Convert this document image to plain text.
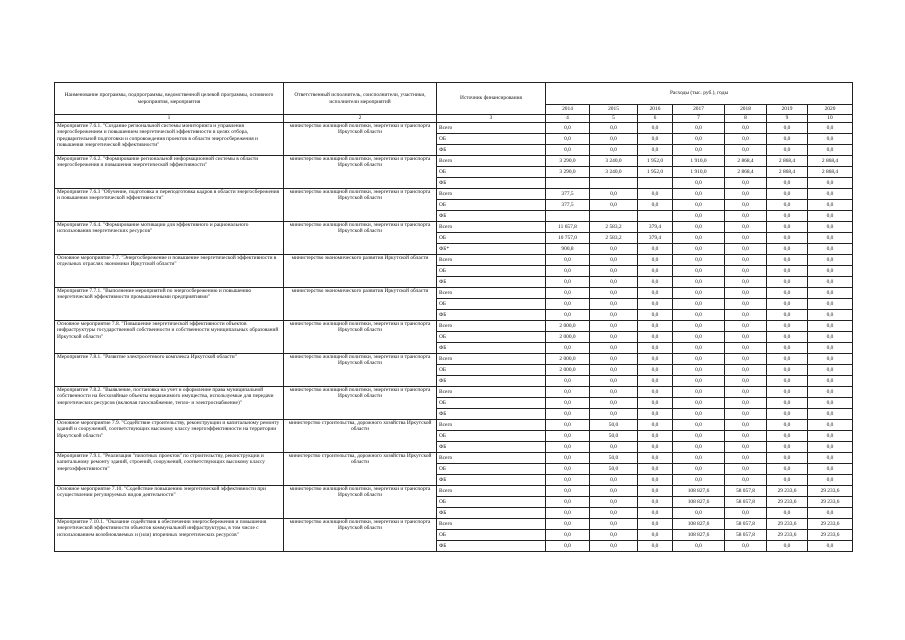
Наименование программы, подпрограммы, ведомственной целевой программы, основного мероприятия, мероприятия	Ответственный исполнитель, соисполнители, участники, исполнители мероприятий	Источник финансирования	Расходы (тыс. руб.), годы						
			2014	2015	2016	2017	2018	2019	2020
1	2	3	4	5	6	7	8	9	10
Мероприятие 7.6.1. "Создание региональной системы мониторинга и управления энергосбережением и повышением энергетической эффективности в целях отбора, предварительной подготовки и сопровождения проектов в области энергосбережения и повышения энергетической эффективности"	министерство жилищной политики, энергетики и транспорта Иркутской области	Всего	0,0	0,0	0,0	0,0	0,0	0,0	0,0
		ОБ	0,0	0,0	0,0	0,0	0,0	0,0	0,0
		ФБ	0,0	0,0	0,0	0,0	0,0	0,0	0,0
Мероприятие 7.6.2. "Формирование региональной информационной системы в области энергосбережения и повышения энергетической эффективности"	министерство жилищной политики, энергетики и транспорта Иркутской области	Всего	3 290,0	3 240,0	1 952,0	1 910,0	2 868,4	2 868,4	2 868,4
		ОБ	3 290,0	3 240,0	1 952,0	1 910,0	2 868,4	2 868,4	2 868,4
		ФБ				0,0	0,0	0,0	0,0
Мероприятие 7.6.3 "Обучение, подготовка и переподготовка кадров в области энергосбережения и повышения энергетической эффективности"	министерство жилищной политики, энергетики и транспорта Иркутской области	Всего	377,5	0,0	0,0	0,0	0,0	0,0	0,0
		ОБ	377,5	0,0	0,0	0,0	0,0	0,0	0,0
		ФБ				0,0	0,0	0,0	0,0
Мероприятие 7.6.4. "Формирование мотивации для эффективного и рационального использования энергетических ресурсов"	министерство жилищной политики, энергетики и транспорта Иркутской области	Всего	11 657,8	2 583,2	379,4	0,0	0,0	0,0	0,0
		ОБ	10 757,0	2 583,2	379,4	0,0	0,0	0,0	0,0
		ФБ*	900,8	0,0	0,0	0,0	0,0	0,0	0,0
Основное мероприятие 7.7. "Энергосбережение и повышение энергетической эффективности в отдельных отраслях экономики Иркутской области"	министерство экономического развития Иркутской области	Всего	0,0	0,0	0,0	0,0	0,0	0,0	0,0
		ОБ	0,0	0,0	0,0	0,0	0,0	0,0	0,0
		ФБ	0,0	0,0	0,0	0,0	0,0	0,0	0,0
Мероприятие 7.7.1. "Выполнение мероприятий по энергосбережению и повышению энергетической эффективности промышленными предприятиями"	министерство экономического развития Иркутской области	Всего	0,0	0,0	0,0	0,0	0,0	0,0	0,0
		ОБ	0,0	0,0	0,0	0,0	0,0	0,0	0,0
		ФБ	0,0	0,0	0,0	0,0	0,0	0,0	0,0
Основное мероприятие 7.8. "Повышение энергетической эффективности объектов инфраструктуры государственной собственности и собственности муниципальных образований Иркутской области"	министерство жилищной политики, энергетики и транспорта Иркутской области	Всего	2 000,0	0,0	0,0	0,0	0,0	0,0	0,0
		ОБ	2 000,0	0,0	0,0	0,0	0,0	0,0	0,0
		ФБ	0,0	0,0	0,0	0,0	0,0	0,0	0,0
Мероприятие 7.8.1. "Развитие электросетевого комплекса Иркутской области"	министерство жилищной политики, энергетики и транспорта Иркутской области	Всего	2 000,0	0,0	0,0	0,0	0,0	0,0	0,0
		ОБ	2 000,0	0,0	0,0	0,0	0,0	0,0	0,0
		ФБ	0,0	0,0	0,0	0,0	0,0	0,0	0,0
Мероприятие 7.8.2. "Выявление, постановка на учет и оформление права муниципальной собственности на бесхозяйные объекты недвижимого имущества, используемые для передачи энергетических ресурсов (включая газоснабжение, тепло- и электроснабжение)"	министерство жилищной политики, энергетики и транспорта Иркутской области	Всего	0,0	0,0	0,0	0,0	0,0	0,0	0,0
		ОБ	0,0	0,0	0,0	0,0	0,0	0,0	0,0
		ФБ	0,0	0,0	0,0	0,0	0,0	0,0	0,0
Основное мероприятие 7.9. "Содействие строительству, реконструкции и капитальному ремонту зданий и сооружений, соответствующих высокому классу энергоэффективности на территории Иркутской области"	министерство строительства, дорожного хозяйства Иркутской области	Всего	0,0	50,0	0,0	0,0	0,0	0,0	0,0
		ОБ	0,0	50,0	0,0	0,0	0,0	0,0	0,0
		ФБ	0,0	0,0	0,0	0,0	0,0	0,0	0,0
Мероприятие 7.9.1. "Реализация "пилотных проектов" по строительству, реконструкции и капитальному ремонту зданий, строений, сооружений, соответствующих высокому классу энергоэффективности"	министерство строительства, дорожного хозяйства Иркутской области	Всего	0,0	50,0	0,0	0,0	0,0	0,0	0,0
		ОБ	0,0	50,0	0,0	0,0	0,0	0,0	0,0
		ФБ	0,0	0,0	0,0	0,0	0,0	0,0	0,0
Основное мероприятие 7.10. "Содействие повышению энергетической эффективности при осуществлении регулируемых видов деятельности"	министерство жилищной политики, энергетики и транспорта Иркутской области	Всего	0,0	0,0	0,0	108 827,6	58 057,8	29 233,6	29 233,6
		ОБ	0,0	0,0	0,0	108 827,6	58 057,8	29 233,6	29 233,6
		ФБ	0,0	0,0	0,0	0,0	0,0	0,0	0,0
Мероприятие 7.10.1. "Оказание содействия в обеспечении энергосбережения и повышения энергетической эффективности объектов коммунальной инфраструктуры, в том числе с использованием возобновляемых и (или) вторичных энергетических ресурсов"	министерство жилищной политики, энергетики и транспорта Иркутской области	Всего	0,0	0,0	0,0	108 827,6	58 057,8	29 233,6	29 233,6
		ОБ	0,0	0,0	0,0	108 827,6	58 057,8	29 233,6	29 233,6
		ФБ	0,0	0,0	0,0	0,0	0,0	0,0	0,0
